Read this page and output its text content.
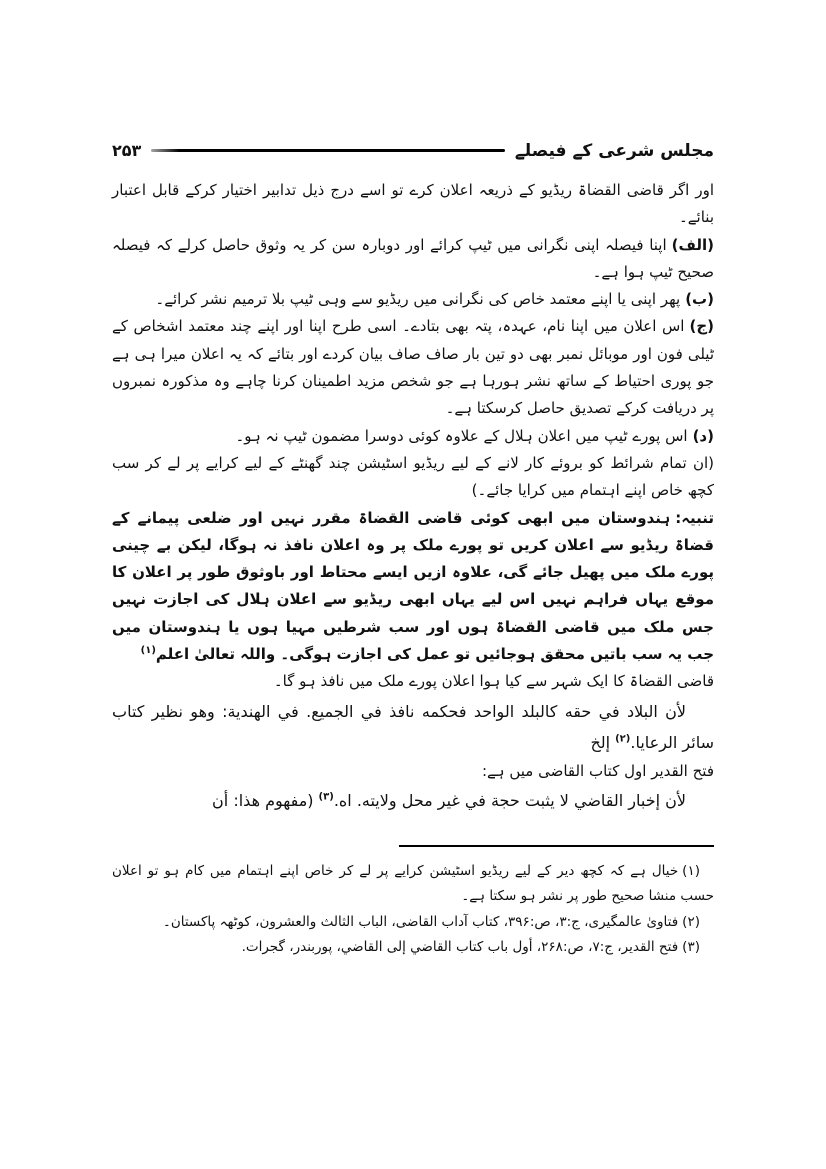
مجلس شرعی کے فیصلے
۲۵۳

اور اگر قاضی القضاۃ ریڈیو کے ذریعہ اعلان کرے تو اسے درج ذیل تدابیر اختیار کرکے قابل اعتبار بنائے۔

(الف)اپنا فیصلہ اپنی نگرانی میں ٹیپ کرائے اور دوبارہ سن کر یہ وثوق حاصل کرلے کہ فیصلہ صحیح ٹیپ ہوا ہے۔

(ب)پھر اپنی یا اپنے معتمد خاص کی نگرانی میں ریڈیو سے وہی ٹیپ بلا ترمیم نشر کرائے۔

(ج)اس اعلان میں اپنا نام، عہدہ، پتہ بھی بتادے۔ اسی طرح اپنا اور اپنے چند معتمد اشخاص کے ٹیلی فون اور موبائل نمبر بھی دو تین بار صاف صاف بیان کردے اور بتائے کہ یہ اعلان میرا ہی ہے جو پوری احتیاط کے ساتھ نشر ہورہا ہے جو شخص مزید اطمینان کرنا چاہے وہ مذکورہ نمبروں پر دریافت کرکے تصدیق حاصل کرسکتا ہے۔

(د)اس پورے ٹیپ میں اعلان ہلال کے علاوہ کوئی دوسرا مضمون ٹیپ نہ ہو۔

(ان تمام شرائط کو بروئے کار لانے کے لیے ریڈیو اسٹیشن چند گھنٹے کے لیے کرایے پر لے کر سب کچھ خاص اپنے اہتمام میں کرایا جائے۔)

تنبیہ:ہندوستان میں ابھی کوئی قاضی القضاۃ مقرر نہیں اور ضلعی پیمانے کے قضاۃ ریڈیو سے اعلان کریں تو پورے ملک پر وہ اعلان نافذ نہ ہوگا، لیکن بے چینی پورے ملک میں پھیل جائے گی، علاوہ ازیں ایسے محتاط اور باوثوق طور پر اعلان کا موقع یہاں فراہم نہیں اس لیے یہاں ابھی ریڈیو سے اعلان ہلال کی اجازت نہیں جس ملک میں قاضی القضاۃ ہوں اور سب شرطیں مہیا ہوں یا ہندوستان میں جب یہ سب باتیں محقق ہوجائیں تو عمل کی اجازت ہوگی۔ واللہ تعالیٰ اعلم$^{(۱)}$

قاضی القضاۃ کا ایک شہر سے کیا ہوا اعلان پورے ملک میں نافذ ہو گا۔

لأن البلاد في حقه كالبلد الواحد فحكمه نافذ في الجميع. في الهندية: وهو نظير كتاب سائر الرعايا.$^{(۲)}$إلخ

فتح القدیر اول کتاب القاضی میں ہے:

لأن إخبار القاضي لا يثبت حجة في غير محل ولايته. اه.$^{(۳)}$(مفهوم هذا: أن

(۱)خیال ہے کہ کچھ دیر کے لیے ریڈیو اسٹیشن کرایے پر لے کر خاص اپنے اہتمام میں کام ہو تو اعلان حسب منشا صحیح طور پر نشر ہو سکتا ہے۔

(۲)فتاویٰ عالمگیری، ج:۳، ص:۳۹۶، کتاب آداب القاضی، الباب الثالث والعشرون، کوٹھہ پاکستان۔

(۳)فتح القدیر، ج:۷، ص:۲۶۸، أول باب کتاب القاضي إلی القاضي، پوربندر، گجرات.
